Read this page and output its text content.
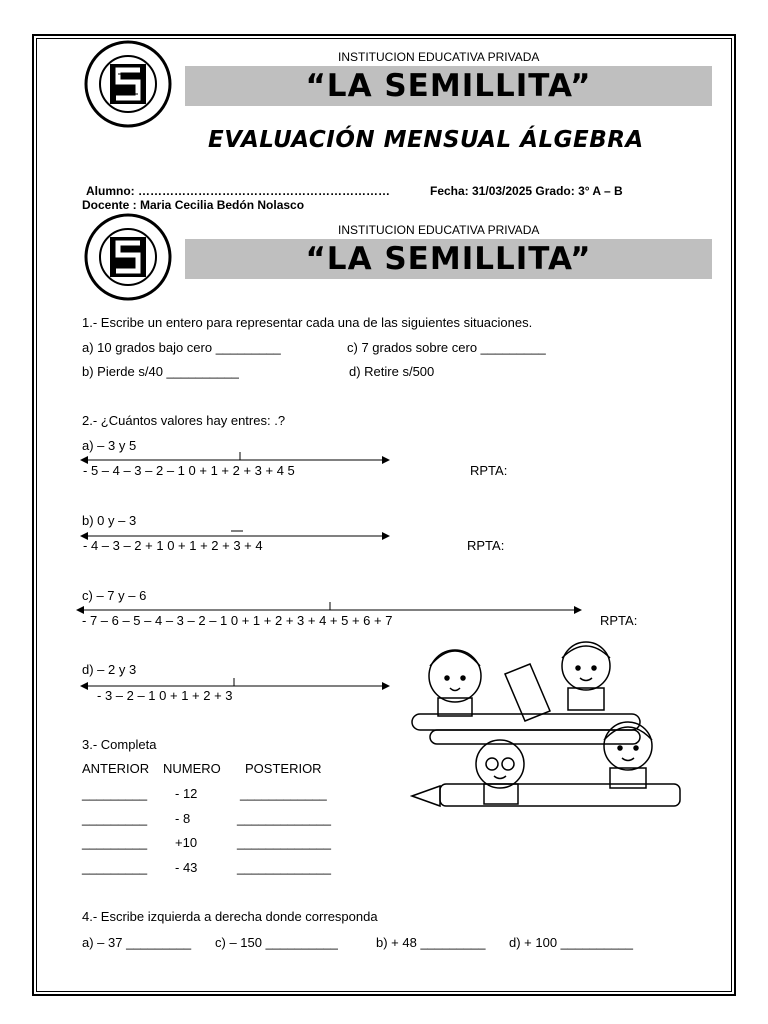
INSTITUCION EDUCATIVA PRIVADA
“LA SEMILLITA”
EVALUACIÓN MENSUAL ÁLGEBRA
Alumno: ………………………………………………………	Fecha: 31/03/2025 Grado: 3° A – B
Docente : Maria Cecilia Bedón Nolasco
INSTITUCION EDUCATIVA PRIVADA
“LA SEMILLITA”
1.- Escribe un entero para representar cada una de las siguientes situaciones.
a) 10 grados bajo cero _________	c) 7 grados sobre cero _________
b) Pierde s/40 __________	d) Retire s/500
2.- ¿Cuántos valores hay entres: .?
a) – 3 y 5
- 5 – 4 – 3 – 2 – 1 0 + 1 + 2 + 3 + 4 5	RPTA:
b) 0 y – 3
- 4 – 3 – 2 + 1 0 + 1 + 2 + 3 + 4	RPTA:
c) – 7 y – 6
- 7 – 6 – 5 – 4 – 3 – 2 – 1 0 + 1 + 2 + 3 + 4 + 5 + 6 + 7	RPTA:
d) – 2 y 3
- 3 – 2 – 1 0 + 1 + 2 + 3
3.- Completa
ANTERIOR NUMERO POSTERIOR
_________ - 12	____________
_________ - 8	_____________
_________ +10	_____________
_________ - 43	_____________
4.- Escribe izquierda a derecha donde corresponda
a) – 37 _________ c) – 150 __________	b) + 48 _________ d) + 100 __________
